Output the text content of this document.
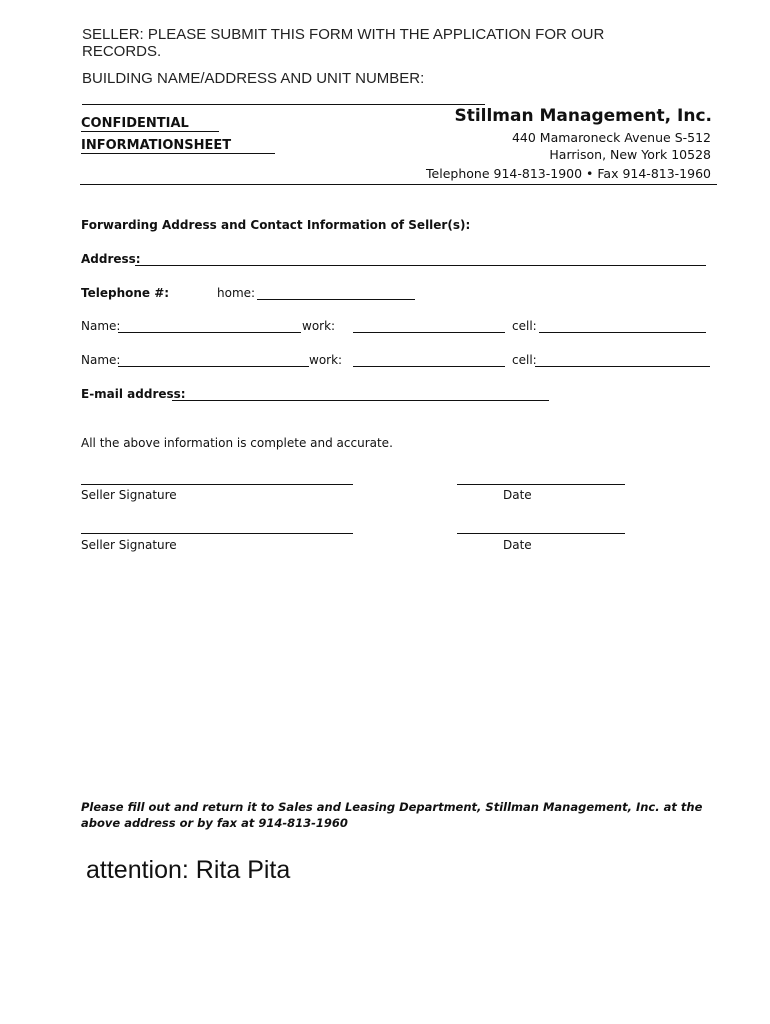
SELLER: PLEASE SUBMIT THIS FORM WITH THE APPLICATION FOR OUR RECORDS.
BUILDING NAME/ADDRESS AND UNIT NUMBER:
CONFIDENTIAL
INFORMATIONSHEET
Stillman Management, Inc.
440 Mamaroneck Avenue S-512
Harrison, New York 10528
Telephone 914-813-1900 • Fax 914-813-1960
Forwarding Address and Contact Information of Seller(s):
Address:
Telephone #:	home:
Name:	work:	cell:
Name:	work:	cell:
E-mail address:
All the above information is complete and accurate.
Seller Signature	Date
Seller Signature	Date
Please fill out and return it to Sales and Leasing Department, Stillman Management, Inc. at the above address or by fax at 914-813-1960
attention: Rita Pita
